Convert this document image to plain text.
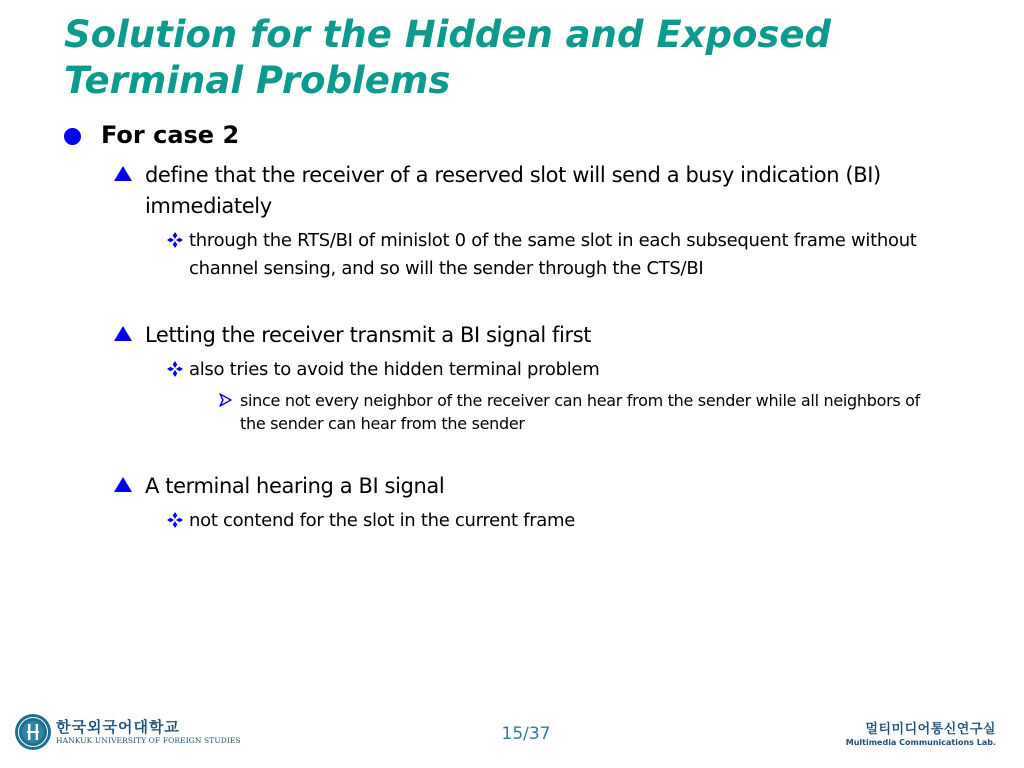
Solution for the Hidden and Exposed
Terminal Problems
For case 2
define that the receiver of a reserved slot will send a busy indication (BI) immediately
through the RTS/BI of minislot 0 of the same slot in each subsequent frame without channel sensing, and so will the sender through the CTS/BI
Letting the receiver transmit a BI signal first
also tries to avoid the hidden terminal problem
since not every neighbor of the receiver can hear from the sender while all neighbors of the sender can hear from the sender
A terminal hearing a BI signal
not contend for the slot in the current frame
한국외국어대학교
HANKUK UNIVERSITY OF FOREIGN STUDIES	15/37	멀티미디어통신연구실
Multimedia Communications Lab.
